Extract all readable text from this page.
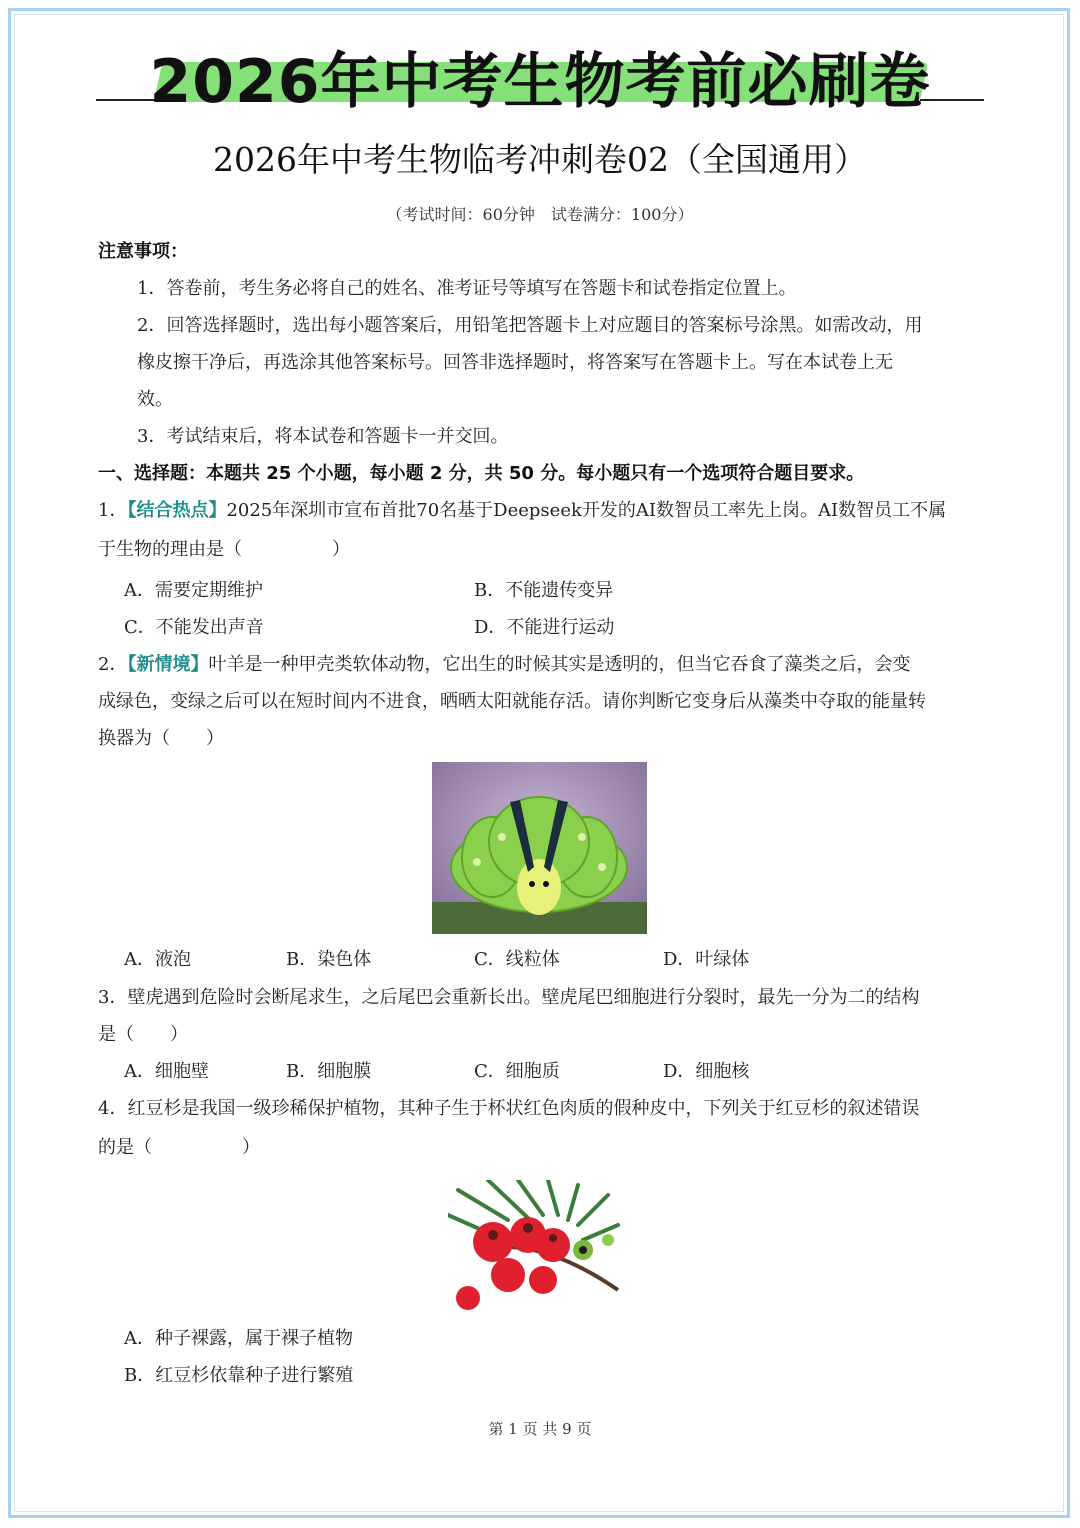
2026年中考生物考前必刷卷
2026年中考生物临考冲刺卷02（全国通用）
（考试时间：60分钟　试卷满分：100分）
注意事项：
1．答卷前，考生务必将自己的姓名、准考证号等填写在答题卡和试卷指定位置上。
2．回答选择题时，选出每小题答案后，用铅笔把答题卡上对应题目的答案标号涂黑。如需改动，用
橡皮擦干净后，再选涂其他答案标号。回答非选择题时，将答案写在答题卡上。写在本试卷上无
效。
3．考试结束后，将本试卷和答题卡一并交回。
一、选择题：本题共 25 个小题，每小题 2 分，共 50 分。每小题只有一个选项符合题目要求。
1．【结合热点】2025年深圳市宣布首批70名基于Deepseek开发的AI数智员工率先上岗。AI数智员工不属
于生物的理由是（　　　　　）
A．需要定期维护	B．不能遗传变异
C．不能发出声音	D．不能进行运动
2．【新情境】叶羊是一种甲壳类软体动物，它出生的时候其实是透明的，但当它吞食了藻类之后，会变
成绿色，变绿之后可以在短时间内不进食，晒晒太阳就能存活。请你判断它变身后从藻类中夺取的能量转
换器为（　　）
A．液泡	B．染色体	C．线粒体	D．叶绿体
3．壁虎遇到危险时会断尾求生，之后尾巴会重新长出。壁虎尾巴细胞进行分裂时，最先一分为二的结构
是（　　）
A．细胞壁	B．细胞膜	C．细胞质	D．细胞核
4．红豆杉是我国一级珍稀保护植物，其种子生于杯状红色肉质的假种皮中，下列关于红豆杉的叙述错误
的是（　　　　　）
A．种子裸露，属于裸子植物
B．红豆杉依靠种子进行繁殖
第 1 页 共 9 页
